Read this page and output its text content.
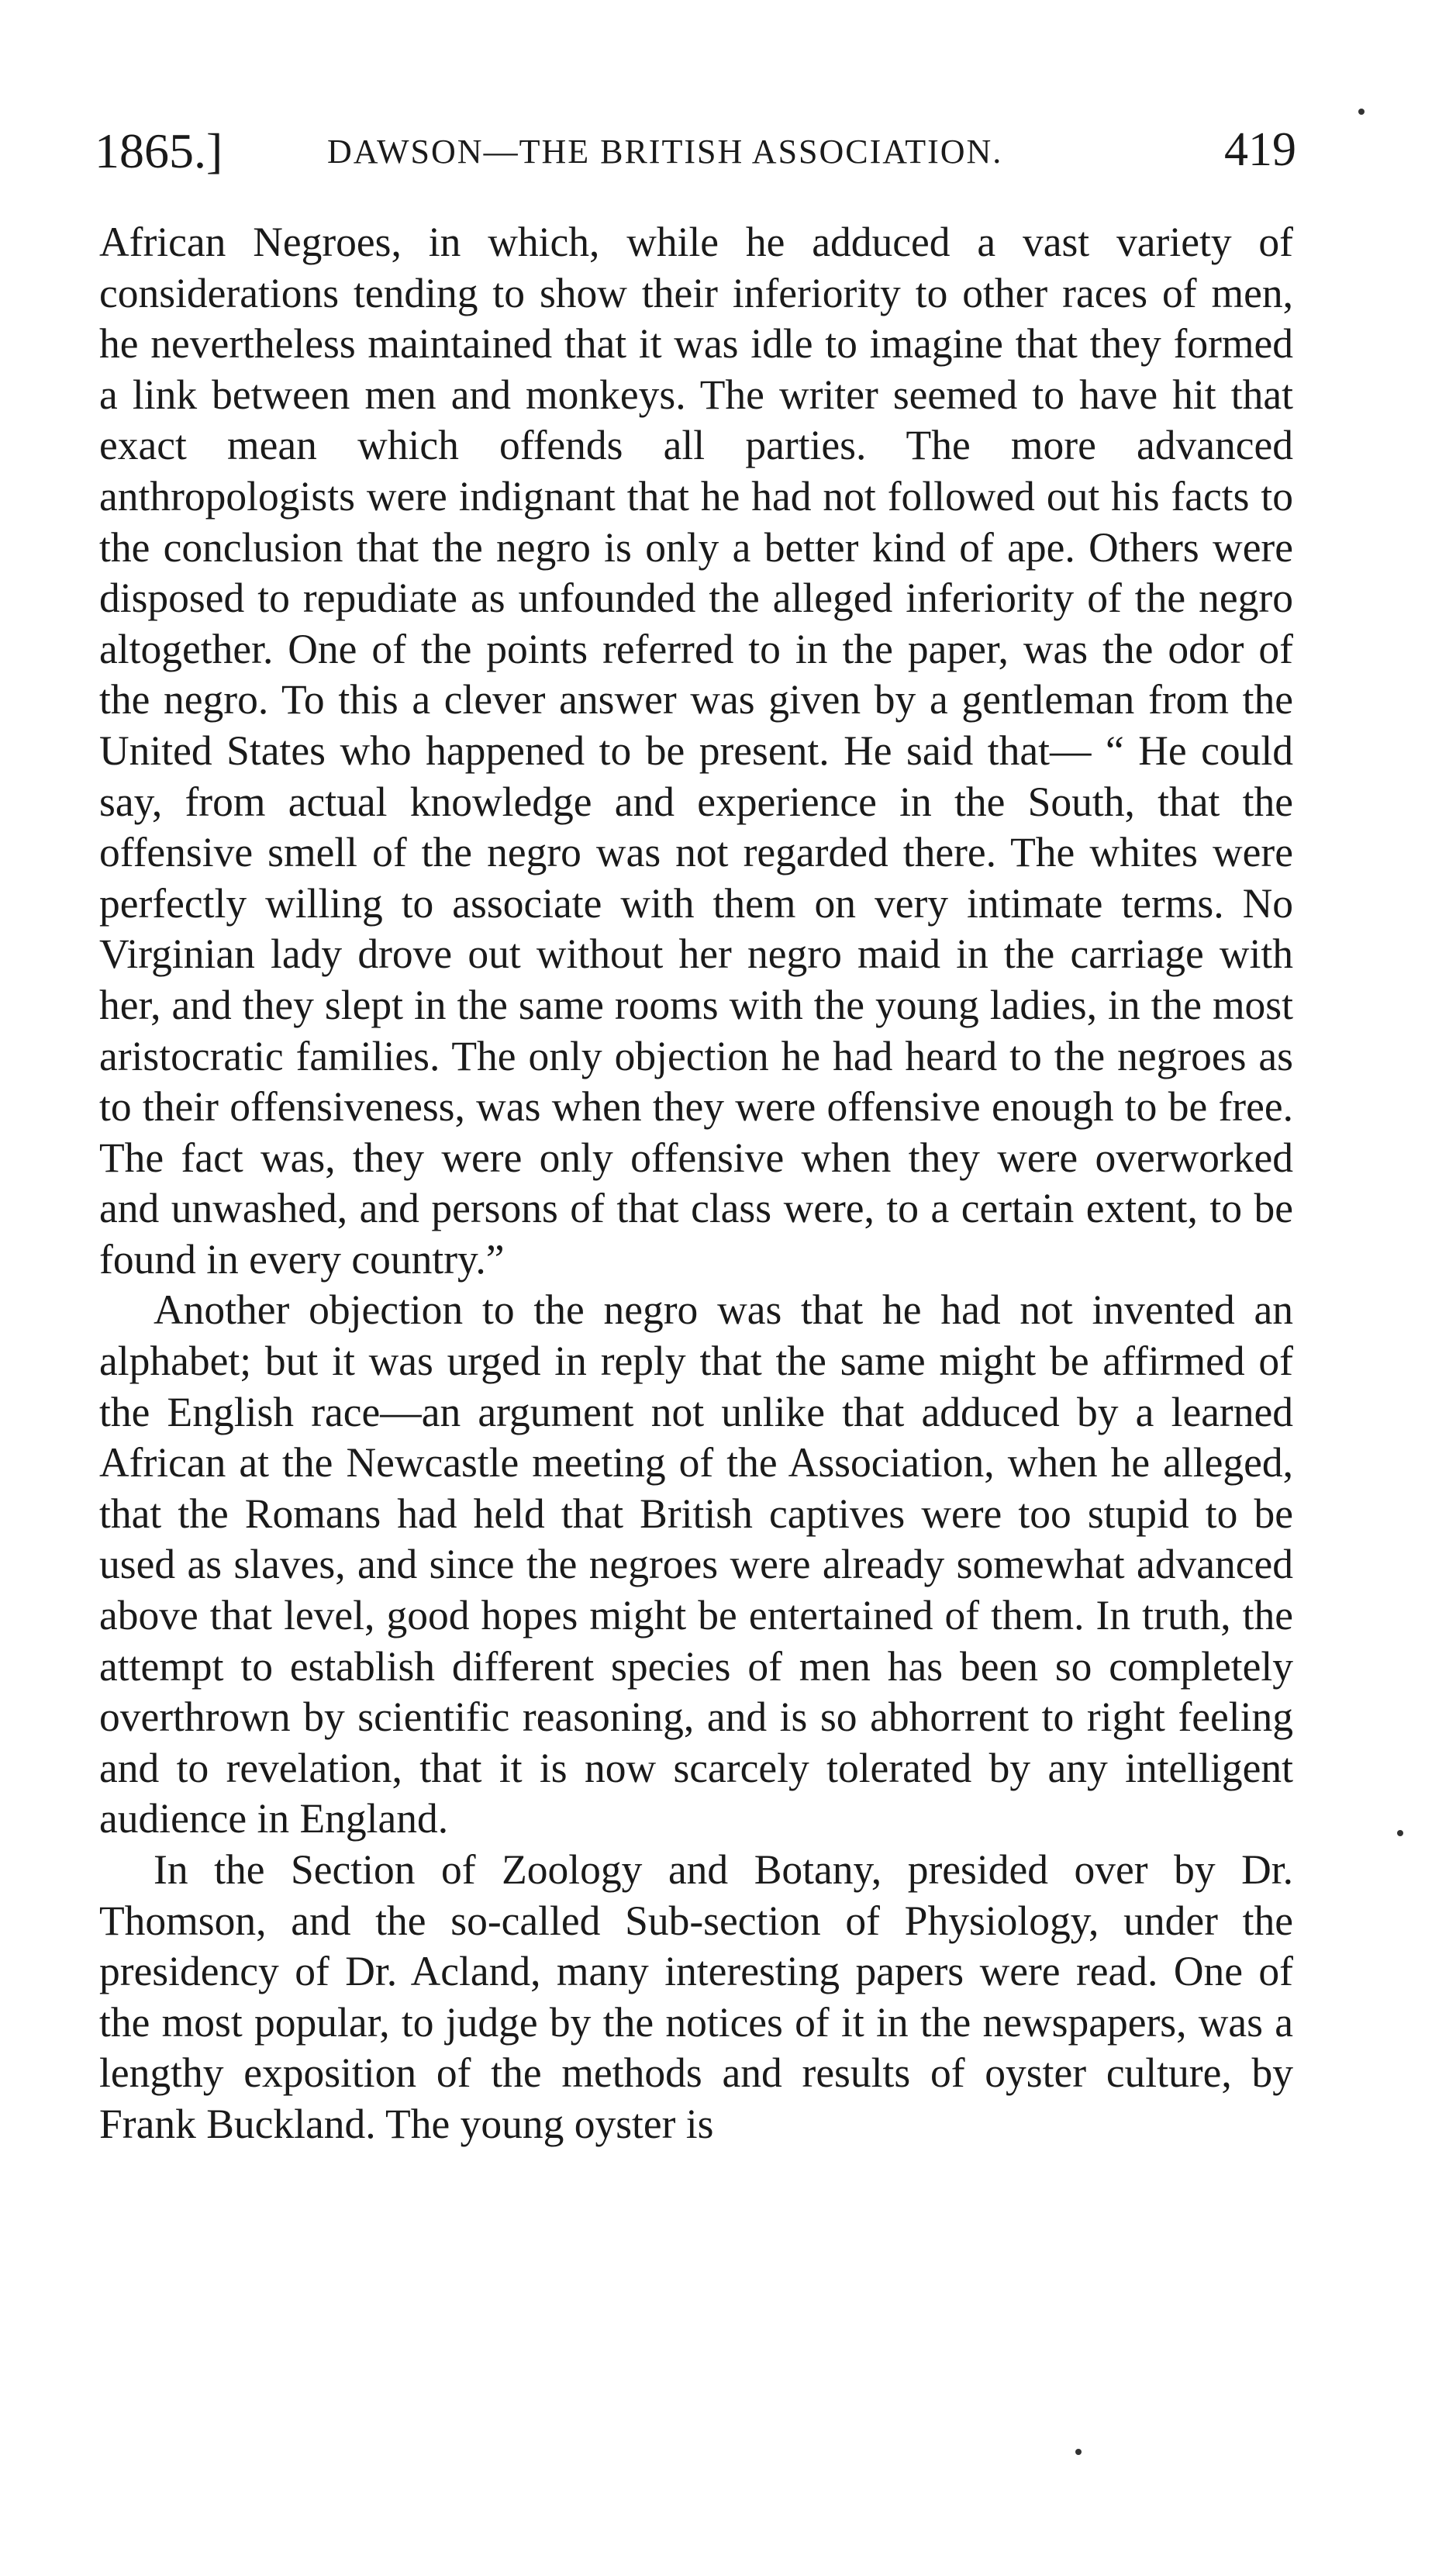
1865.]	DAWSON—THE BRITISH ASSOCIATION.	419

African Negroes, in which, while he adduced a vast variety of considerations tending to show their inferiority to other races of men, he nevertheless maintained that it was idle to imagine that they formed a link between men and monkeys. The writer seemed to have hit that exact mean which offends all parties. The more advanced anthropologists were indignant that he had not followed out his facts to the conclusion that the negro is only a better kind of ape. Others were disposed to repudiate as unfounded the alleged inferiority of the negro altogether. One of the points referred to in the paper, was the odor of the negro. To this a clever answer was given by a gentleman from the United States who happened to be present. He said that— “ He could say, from actual knowledge and experience in the South, that the offensive smell of the negro was not regarded there. The whites were perfectly willing to associate with them on very intimate terms. No Virginian lady drove out without her negro maid in the carriage with her, and they slept in the same rooms with the young ladies, in the most aristocratic families. The only objection he had heard to the negroes as to their offensiveness, was when they were offensive enough to be free. The fact was, they were only offensive when they were overworked and unwashed, and persons of that class were, to a certain extent, to be found in every country.”

Another objection to the negro was that he had not invented an alphabet; but it was urged in reply that the same might be affirmed of the English race—an argument not unlike that adduced by a learned African at the Newcastle meeting of the Association, when he alleged, that the Romans had held that British captives were too stupid to be used as slaves, and since the negroes were already somewhat advanced above that level, good hopes might be entertained of them. In truth, the attempt to establish different species of men has been so completely overthrown by scientific reasoning, and is so abhorrent to right feeling and to revelation, that it is now scarcely tolerated by any intelligent audience in England.

In the Section of Zoology and Botany, presided over by Dr. Thomson, and the so-called Sub-section of Physiology, under the presidency of Dr. Acland, many interesting papers were read. One of the most popular, to judge by the notices of it in the newspapers, was a lengthy exposition of the methods and results of oyster culture, by Frank Buckland. The young oyster is
